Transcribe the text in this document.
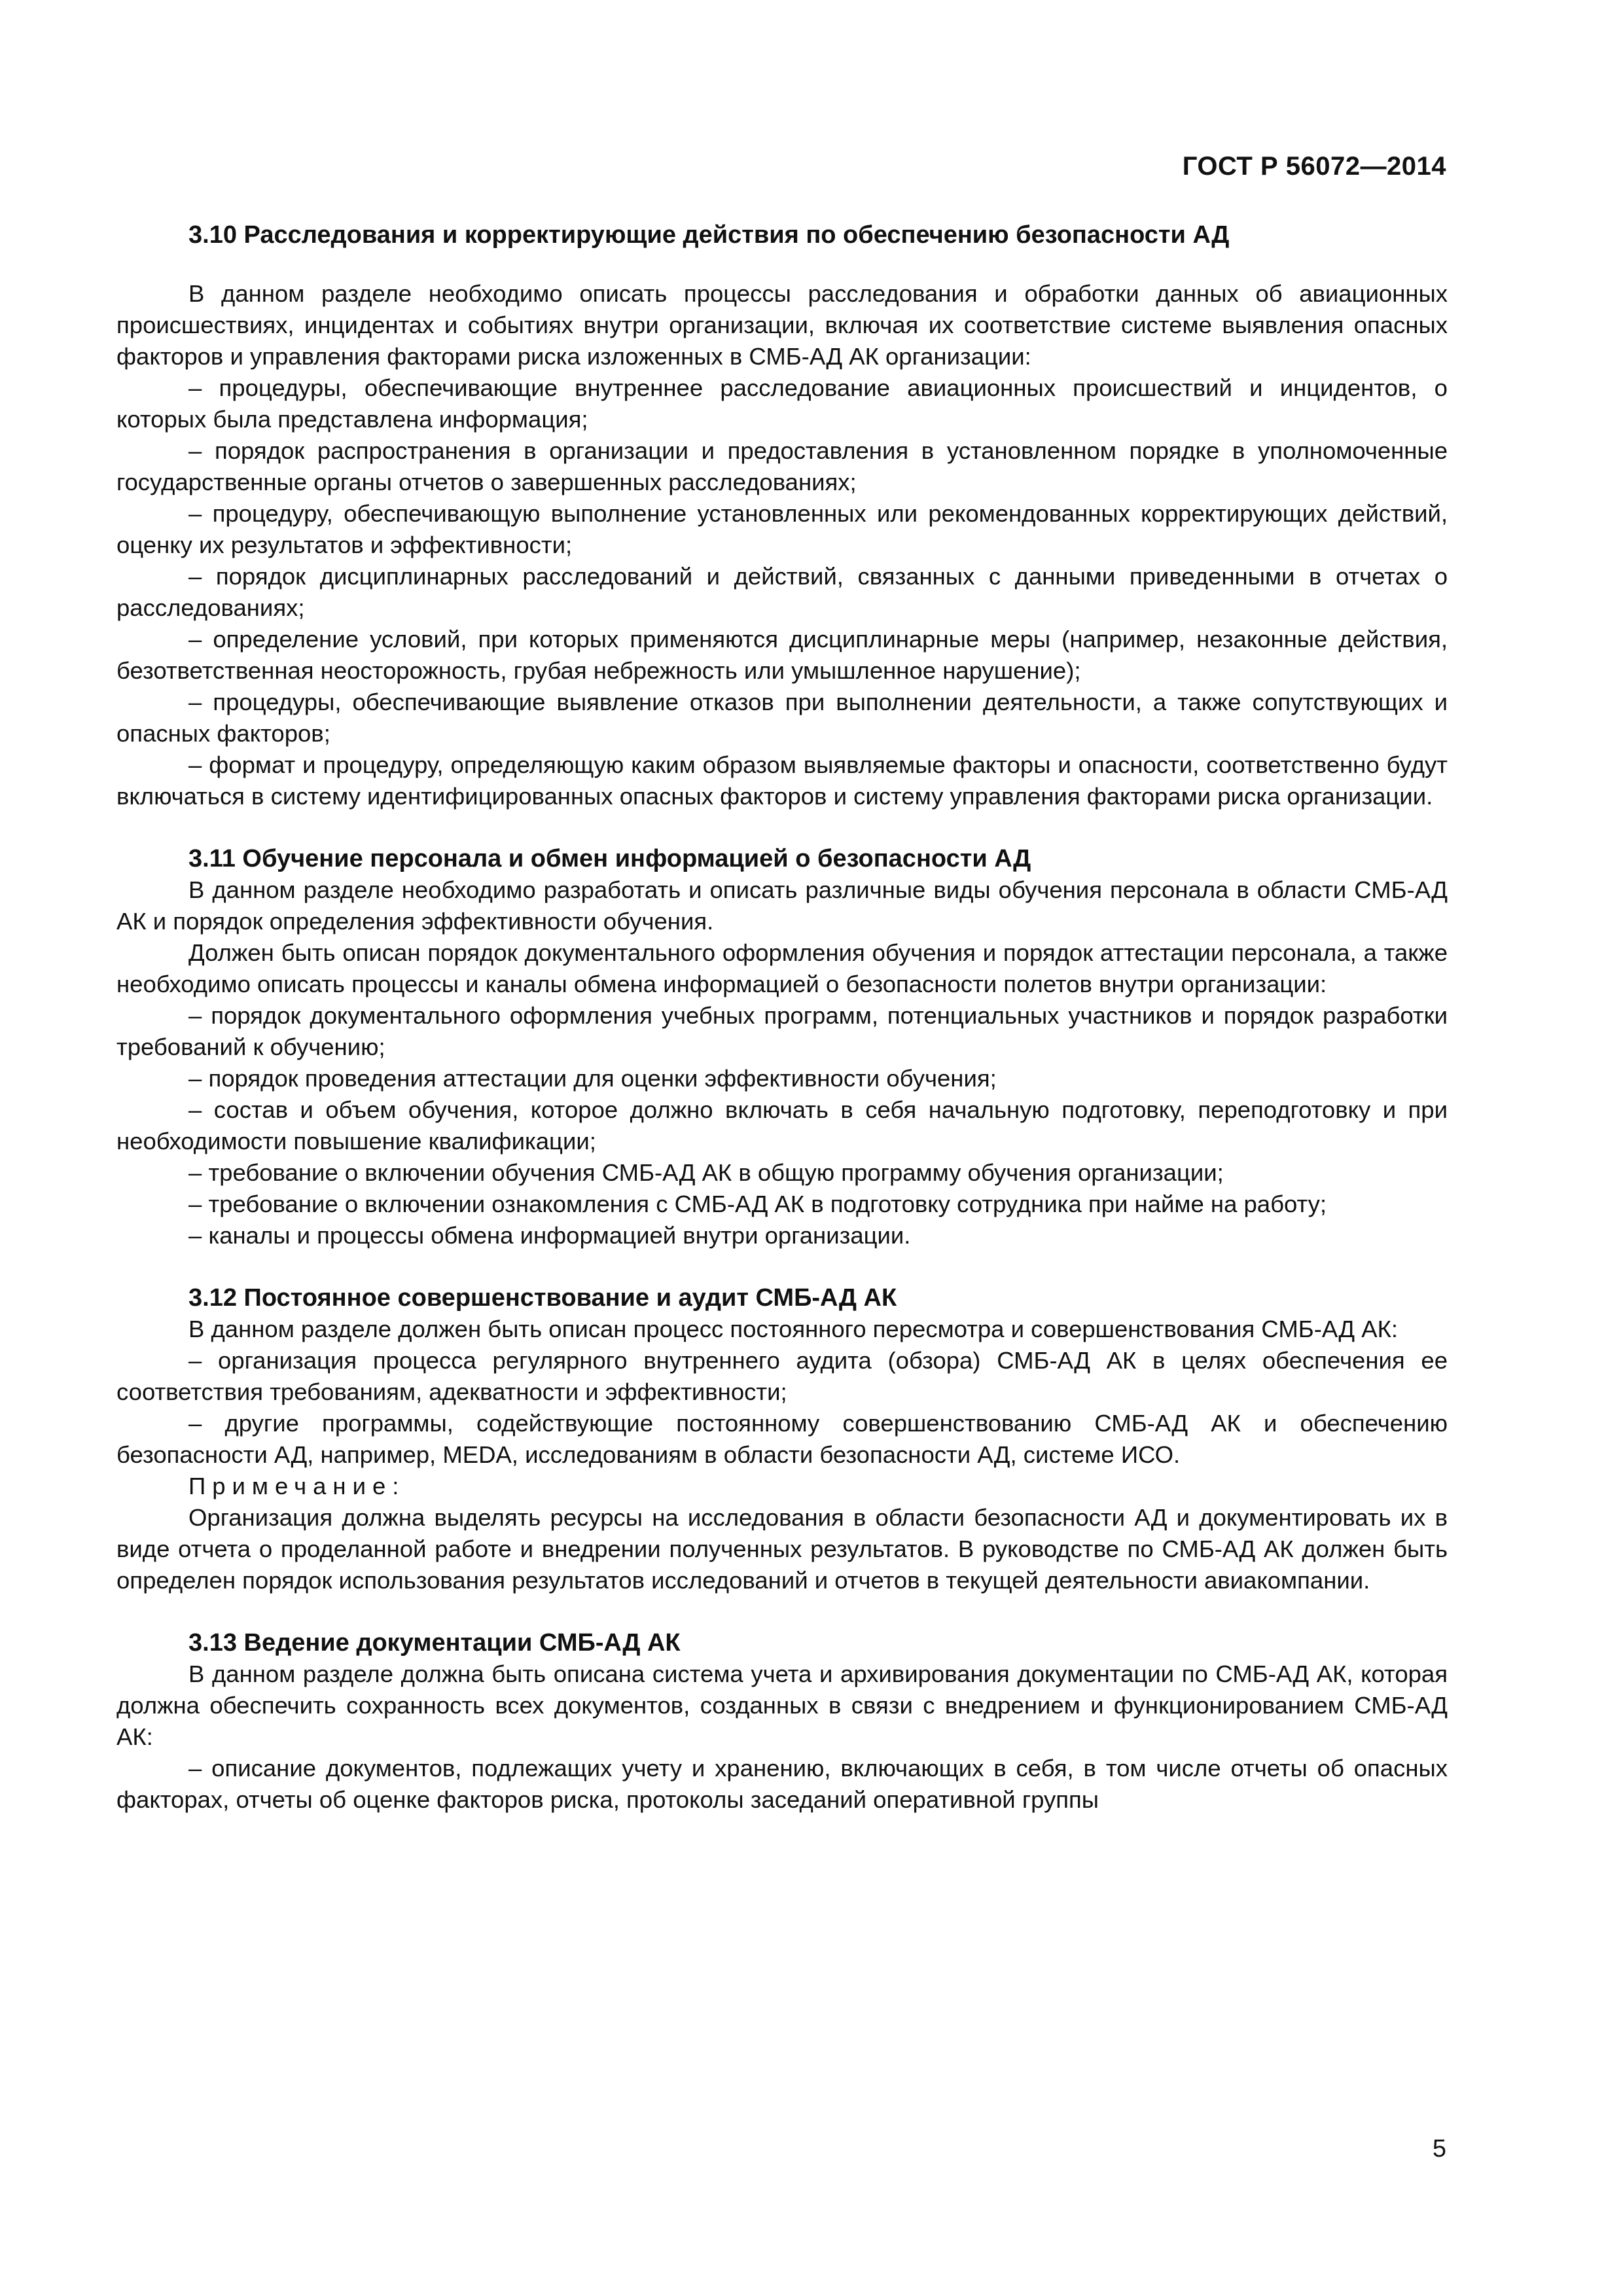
ГОСТ Р 56072—2014
3.10 Расследования и корректирующие действия по обеспечению безопасности АД

В данном разделе необходимо описать процессы расследования и обработки данных об авиационных происшествиях, инцидентах и событиях внутри организации, включая их соответствие системе выявления опасных факторов и управления факторами риска изложенных в СМБ-АД АК организации:

– процедуры, обеспечивающие внутреннее расследование авиационных происшествий и инцидентов, о которых была представлена информация;

– порядок распространения в организации и предоставления в установленном порядке в уполномоченные государственные органы отчетов о завершенных расследованиях;

– процедуру, обеспечивающую выполнение установленных или рекомендованных корректирующих действий, оценку их результатов и эффективности;

– порядок дисциплинарных расследований и действий, связанных с данными приведенными в отчетах о расследованиях;

– определение условий, при которых применяются дисциплинарные меры (например, незаконные действия, безответственная неосторожность, грубая небрежность или умышленное нарушение);

– процедуры, обеспечивающие выявление отказов при выполнении деятельности, а также сопутствующих и опасных факторов;

– формат и процедуру, определяющую каким образом выявляемые факторы и опасности, соответственно будут включаться в систему идентифицированных опасных факторов и систему управления факторами риска организации.

3.11 Обучение персонала и обмен информацией о безопасности АД

В данном разделе необходимо разработать и описать различные виды обучения персонала в области СМБ-АД АК и порядок определения эффективности обучения.

Должен быть описан порядок документального оформления обучения и порядок аттестации персонала, а также необходимо описать процессы и каналы обмена информацией о безопасности полетов внутри организации:

– порядок документального оформления учебных программ, потенциальных участников и порядок разработки требований к обучению;

– порядок проведения аттестации для оценки эффективности обучения;

– состав и объем обучения, которое должно включать в себя начальную подготовку, переподготовку и при необходимости повышение квалификации;

– требование о включении обучения СМБ-АД АК в общую программу обучения организации;

– требование о включении ознакомления с СМБ-АД АК в подготовку сотрудника при найме на работу;

– каналы и процессы обмена информацией внутри организации.

3.12 Постоянное совершенствование и аудит СМБ-АД АК

В данном разделе должен быть описан процесс постоянного пересмотра и совершенствования СМБ-АД АК:

– организация процесса регулярного внутреннего аудита (обзора) СМБ-АД АК в целях обеспечения ее соответствия требованиям, адекватности и эффективности;

– другие программы, содействующие постоянному совершенствованию СМБ-АД АК и обеспечению безопасности АД, например, MEDA, исследованиям в области безопасности АД, системе ИСО.

Примечание:

Организация должна выделять ресурсы на исследования в области безопасности АД и документировать их в виде отчета о проделанной работе и внедрении полученных результатов. В руководстве по СМБ-АД АК должен быть определен порядок использования результатов исследований и отчетов в текущей деятельности авиакомпании.

3.13 Ведение документации СМБ-АД АК

В данном разделе должна быть описана система учета и архивирования документации по СМБ-АД АК, которая должна обеспечить сохранность всех документов, созданных в связи с внедрением и функционированием СМБ-АД АК:

– описание документов, подлежащих учету и хранению, включающих в себя, в том числе отчеты об опасных факторах, отчеты об оценке факторов риска, протоколы заседаний оперативной группы

5
